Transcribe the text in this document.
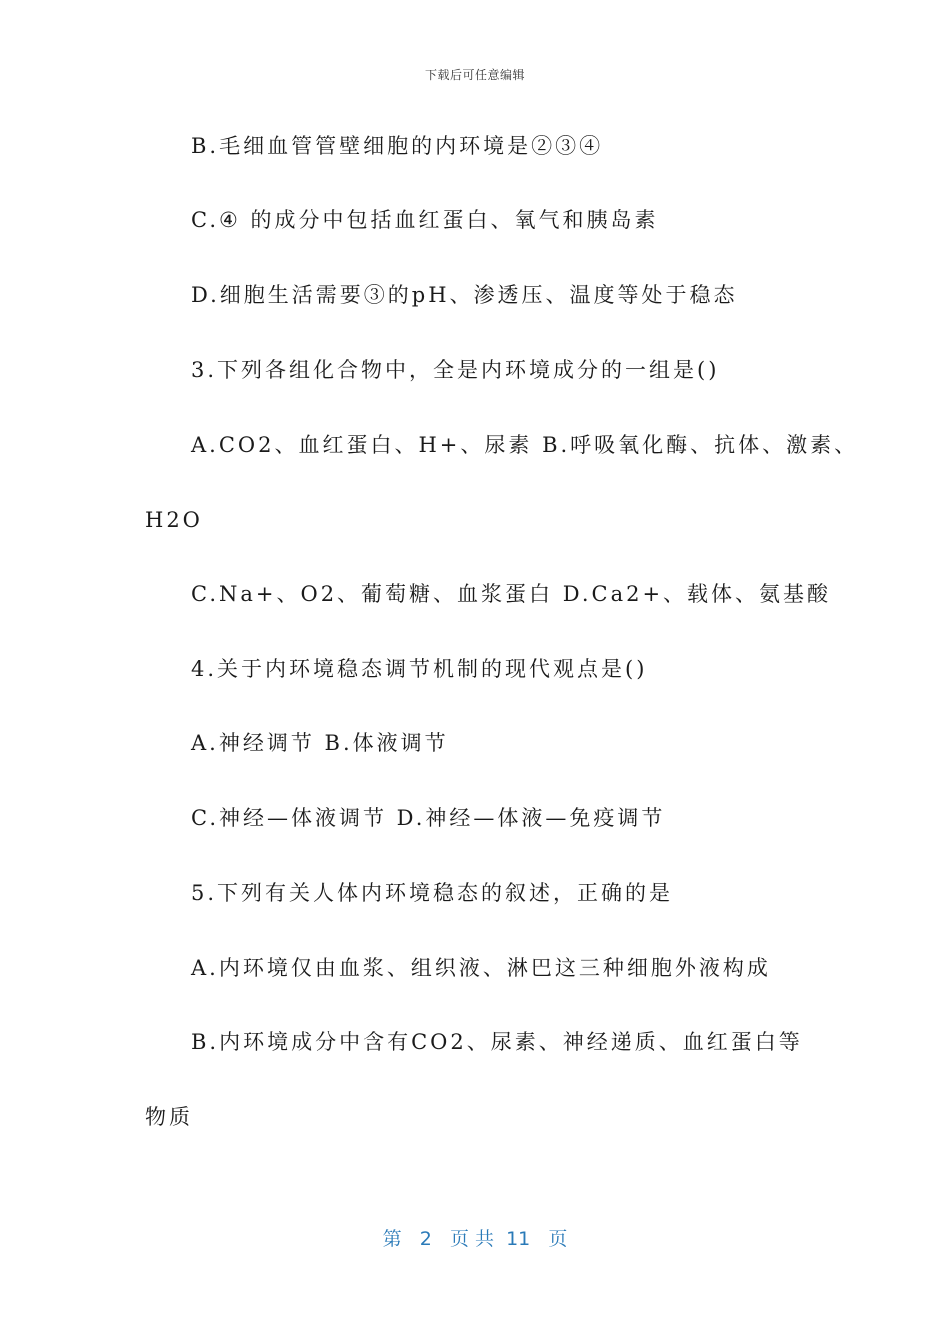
下载后可任意编辑
B.毛细血管管壁细胞的内环境是②③④
C.④ 的成分中包括血红蛋白、氧气和胰岛素
D.细胞生活需要③的pH、渗透压、温度等处于稳态
3.下列各组化合物中，全是内环境成分的一组是()
A.CO2、血红蛋白、H+、尿素 B.呼吸氧化酶、抗体、激素、
H2O
C.Na+、O2、葡萄糖、血浆蛋白 D.Ca2+、载体、氨基酸
4.关于内环境稳态调节机制的现代观点是()
A.神经调节 B.体液调节
C.神经—体液调节 D.神经—体液—免疫调节
5.下列有关人体内环境稳态的叙述，正确的是
A.内环境仅由血浆、组织液、淋巴这三种细胞外液构成
B.内环境成分中含有CO2、尿素、神经递质、血红蛋白等
物质
第 2 页 共 11 页
